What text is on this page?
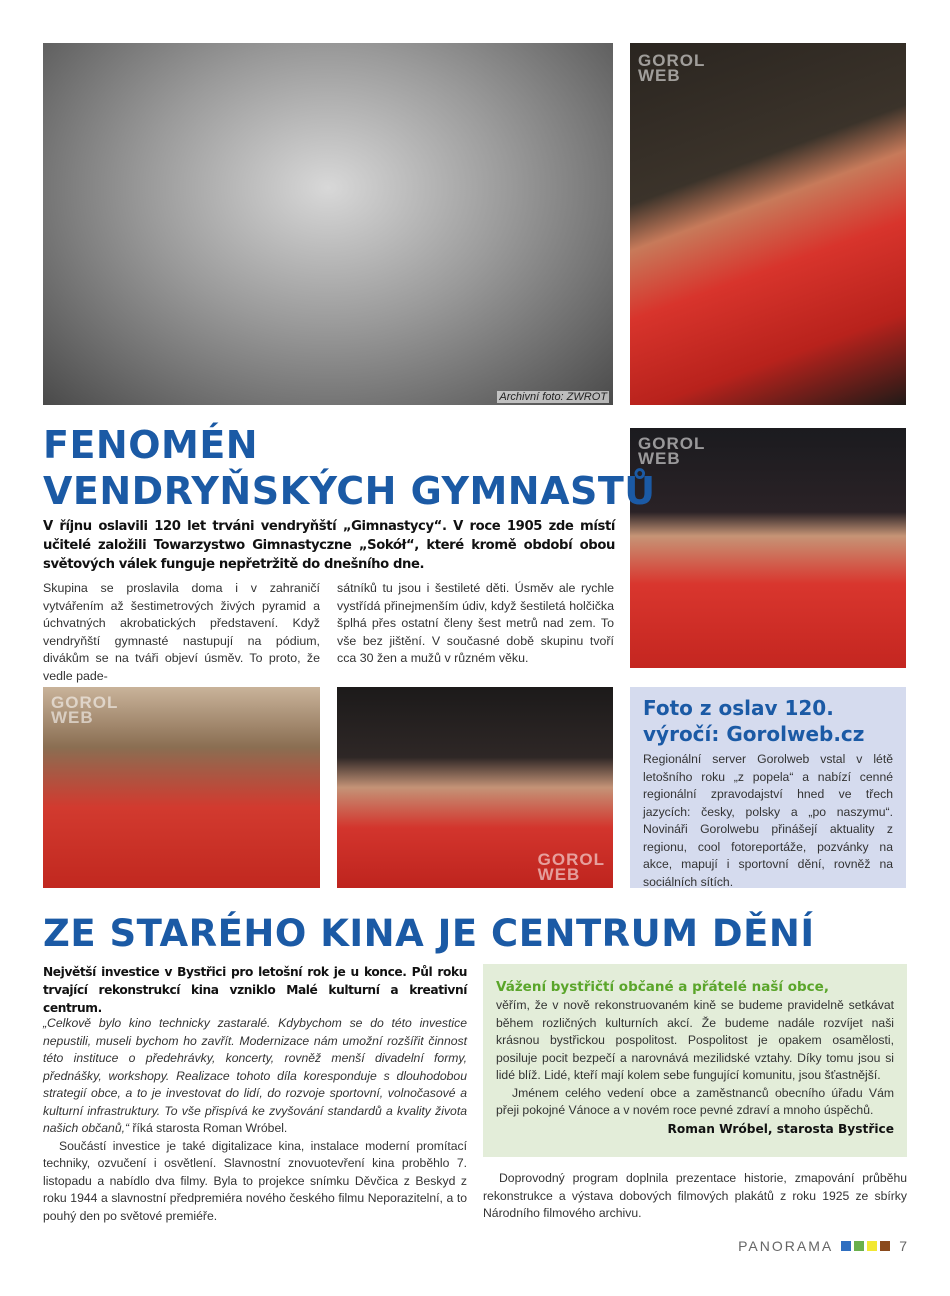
Archivní foto: ZWROT
GOROL
WEB
GOROL
WEB
GOROL
WEB
GOROL
WEB
FENOMÉN
VENDRYŇSKÝCH GYMNASTŮ

V říjnu oslavili 120 let trváni vendryňští „Gimnastycy“. V roce 1905 zde místí učitelé založili Towarzystwo Gimnastyczne „Sokół“, které kromě období obou světových válek funguje nepřetržitě do dnešního dne.

Skupina se proslavila doma i v zahraničí vytvářením až šestimetrových živých pyramid a úchvatných akrobatických představení. Když vendryňští gymnasté nastupují na pódium, divákům se na tváři objeví úsměv. To proto, že vedle pade-

sátníků tu jsou i šestileté děti. Úsměv ale rychle vystřídá přinejmenším údiv, když šestiletá holčička šplhá přes ostatní členy šest metrů nad zem. To vše bez jištění. V současné době skupinu tvoří cca 30 žen a mužů v různém věku.

Foto z oslav 120. výročí: Gorolweb.cz

Regionální server Gorolweb vstal v létě letošního roku „z popela“ a nabízí cenné regionální zpravodajství hned ve třech jazycích: česky, polsky a „po naszymu“. Novináři Gorolwebu přinášejí aktuality z regionu, cool fotoreportáže, pozvánky na akce, mapují i sportovní dění, rovněž na sociálních sítích.

ZE STARÉHO KINA JE CENTRUM DĚNÍ

Největší investice v Bystřici pro letošní rok je u konce. Půl roku trvající rekonstrukcí kina vzniklo Malé kulturní a kreativní centrum.

„Celkově bylo kino technicky zastaralé. Kdybychom se do této investice nepustili, museli bychom ho zavřít. Modernizace nám umožní rozšířit činnost této instituce o předehrávky, koncerty, rovněž menší divadelní formy, přednášky, workshopy. Realizace tohoto díla koresponduje s dlouhodobou strategií obce, a to je investovat do lidí, do rozvoje sportovní, volnočasové a kulturní infrastruktury. To vše přispívá ke zvyšování standardů a kvality života našich občanů,“ říká starosta Roman Wróbel.

Součástí investice je také digitalizace kina, instalace moderní promítací techniky, ozvučení i osvětlení. Slavnostní znovuotevření kina proběhlo 7. listopadu a nabídlo dva filmy. Byla to projekce snímku Děvčica z Beskyd z roku 1944 a slavnostní předpremiéra nového českého filmu Neporazitelní, a to pouhý den po světové premiéře.

Vážení bystřičtí občané a přátelé naší obce,

věřím, že v nově rekonstruovaném kině se budeme pravidelně setkávat během rozličných kulturních akcí. Že budeme nadále rozvíjet naši krásnou bystřickou pospolitost. Pospolitost je opakem osamělosti, posiluje pocit bezpečí a narovnává mezilidské vztahy. Díky tomu jsou si lidé blíž. Lidé, kteří mají kolem sebe fungující komunitu, jsou šťastnější.

Jménem celého vedení obce a zaměstnanců obecního úřadu Vám přeji pokojné Vánoce a v novém roce pevné zdraví a mnoho úspěchů.

Roman Wróbel, starosta Bystřice

Doprovodný program doplnila prezentace historie, zmapování průběhu rekonstrukce a výstava dobových filmových plakátů z roku 1925 ze sbírky Národního filmového archivu.

PANORAMA	7
